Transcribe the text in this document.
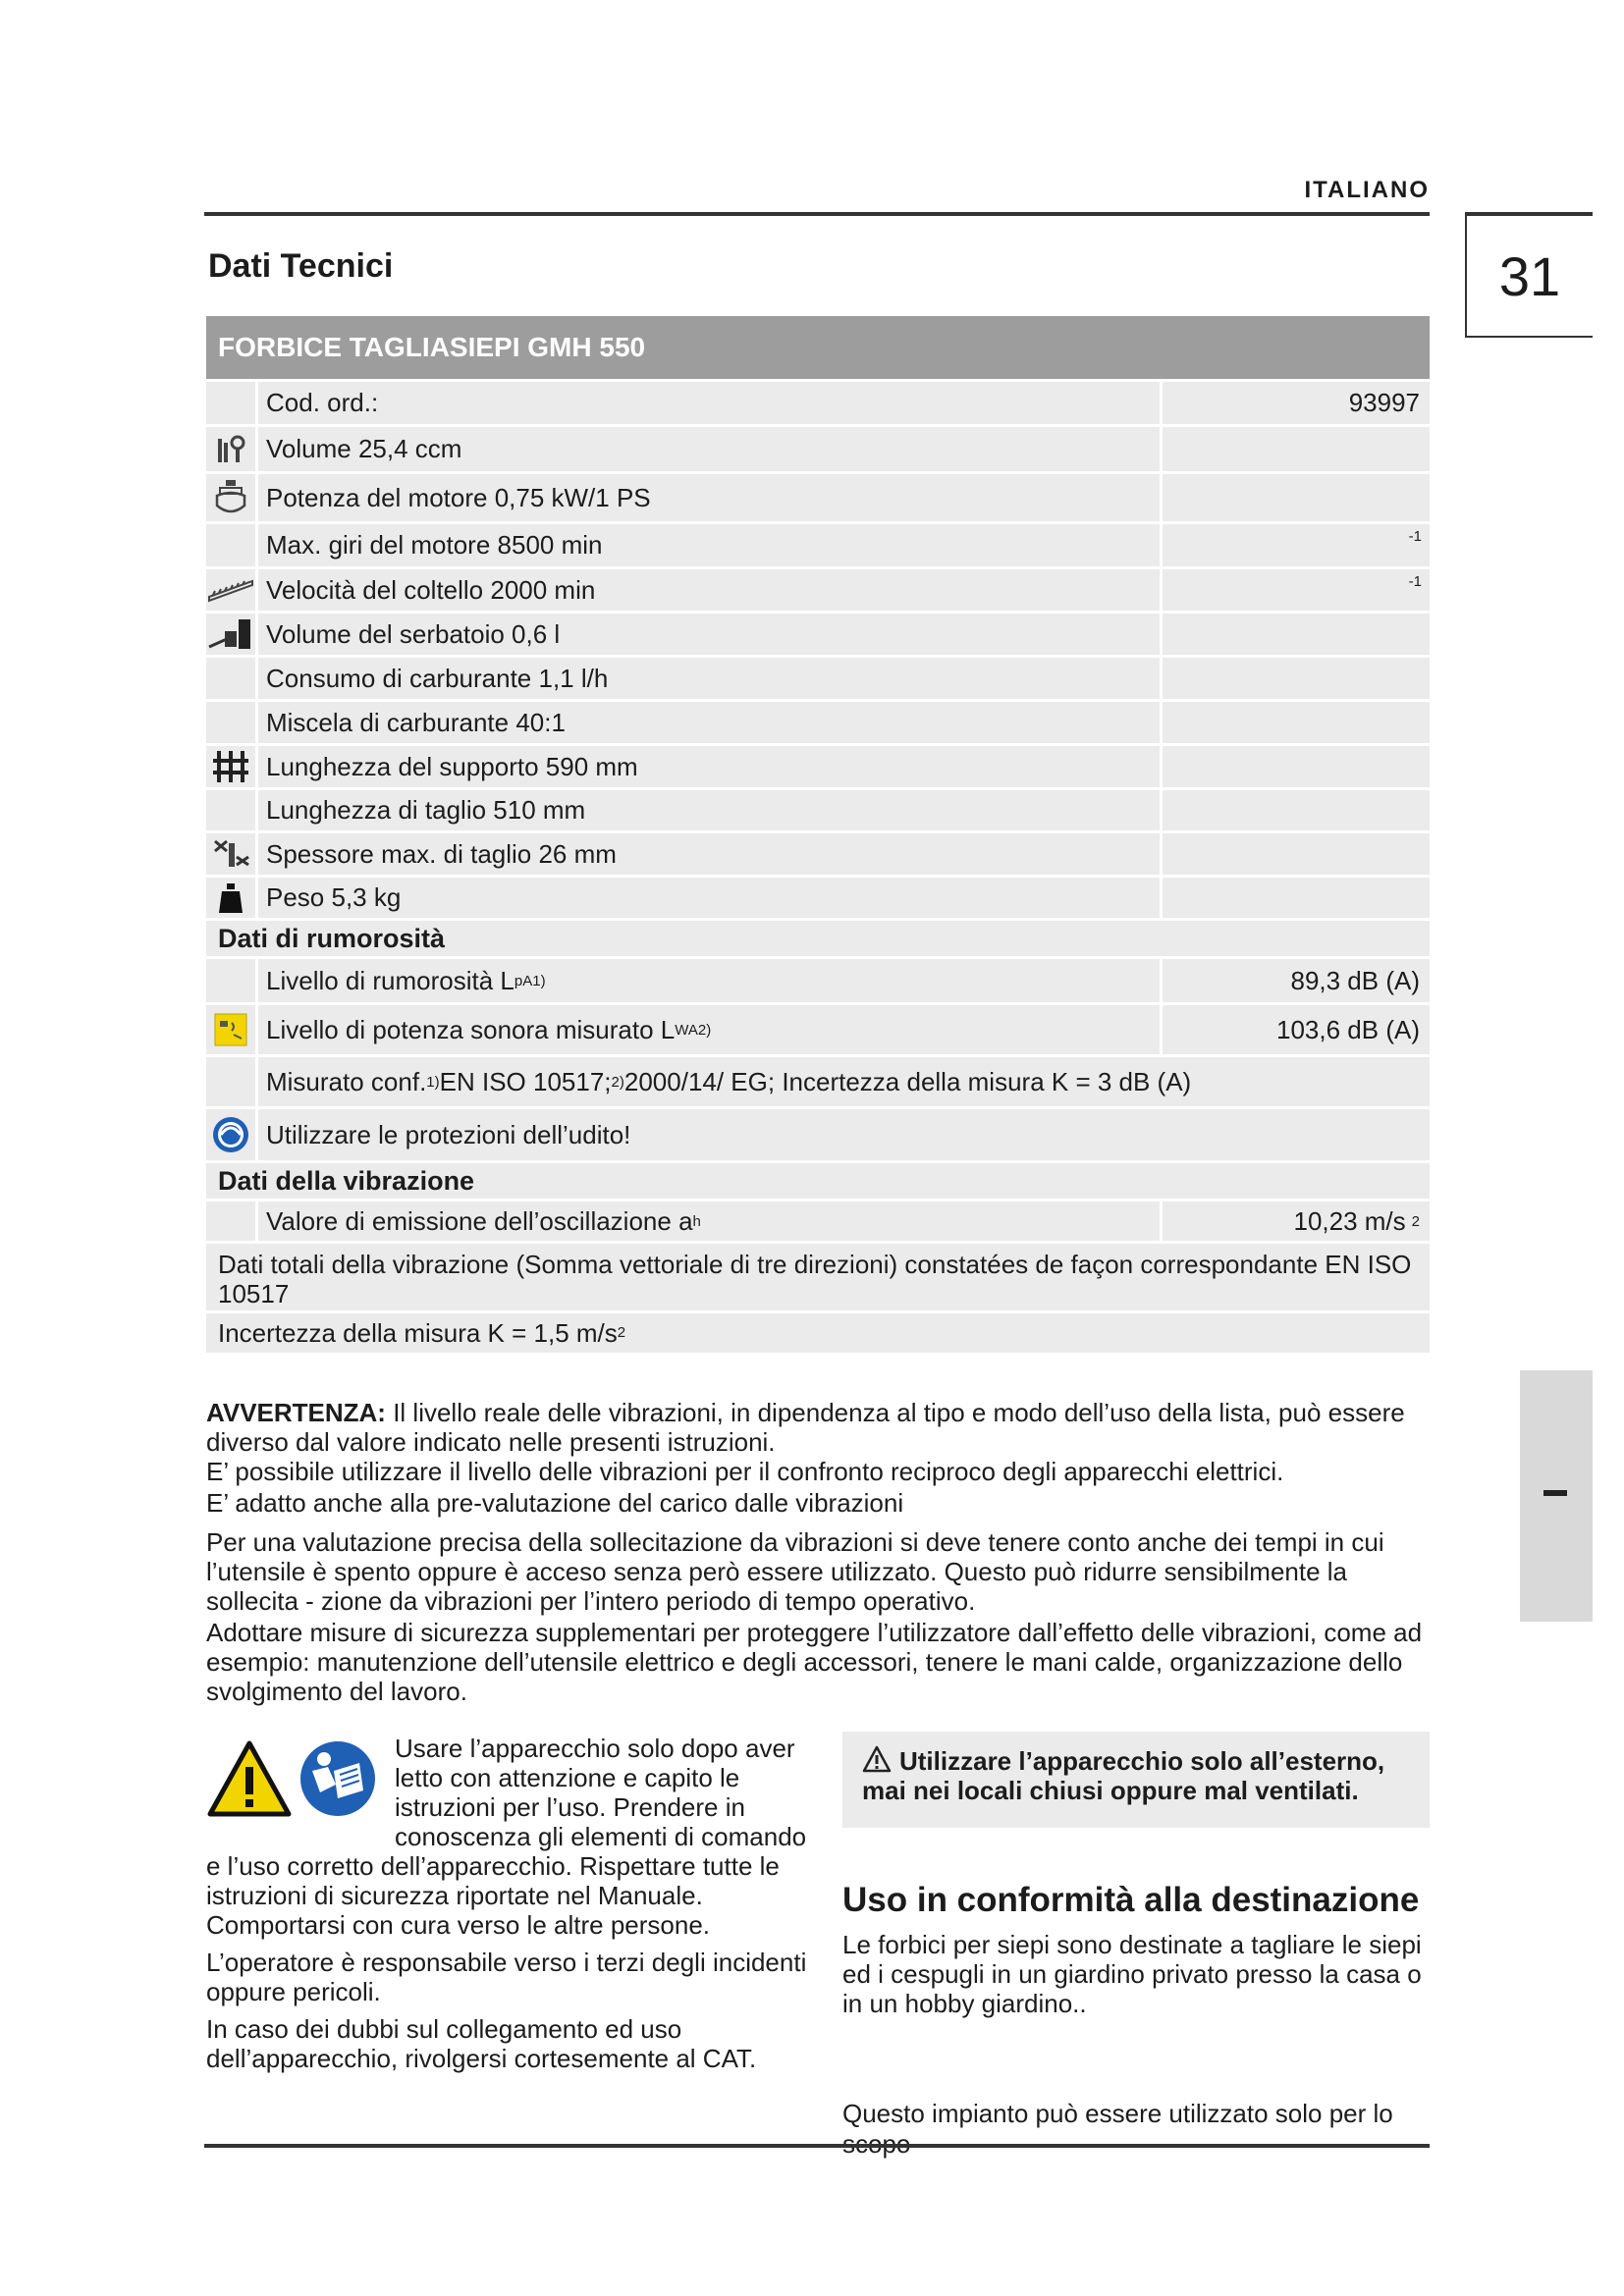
ITALIANO
31
Dati Tecnici
FORBICE TAGLIASIEPI GMH 550
Cod. ord.:	93997
Volume 25,4 ccm
Potenza del motore 0,75 kW/1 PS
Max. giri del motore 8500 min	-1
Velocità del coltello 2000 min	-1
Volume del serbatoio 0,6 l
Consumo di carburante 1,1 l/h
Miscela di carburante 40:1
Lunghezza del supporto 590 mm
Lunghezza di taglio 510 mm
Spessore max. di taglio 26 mm
Peso 5,3 kg
Dati di rumorosità
Livello di rumorosità L pA 1)	89,3 dB (A)
Livello di potenza sonora misurato L WA 2)	103,6 dB (A)
Misurato conf. 1) EN ISO 10517; 2) 2000/14/ EG; Incertezza della misura K = 3 dB (A)
Utilizzare le protezioni dell’udito!
Dati della vibrazione
Valore di emissione dell’oscillazione a h	10,23 m/s 2
Dati totali della vibrazione (Somma vettoriale di tre direzioni) constatées de façon correspondante EN ISO 10517
Incertezza della misura K = 1,5 m/s 2
AVVERTENZA: Il livello reale delle vibrazioni, in dipendenza al tipo e modo dell’uso della lista, può essere diverso dal valore indicato nelle presenti istruzioni.
E’ possibile utilizzare il livello delle vibrazioni per il confronto reciproco degli apparecchi elettrici.
E’ adatto anche alla pre-valutazione del carico dalle vibrazioni
Per una valutazione precisa della sollecitazione da vibrazioni si deve tenere conto anche dei tempi in cui l’utensile è spento oppure è acceso senza però essere utilizzato. Questo può ridurre sensibilmente la sollecita - zione da vibrazioni per l’intero periodo di tempo operativo.
Adottare misure di sicurezza supplementari per proteggere l’utilizzatore dall’effetto delle vibrazioni, come ad esempio: manutenzione dell’utensile elettrico e degli accessori, tenere le mani calde, organizzazione dello svolgimento del lavoro.
Usare l’apparecchio solo dopo aver letto con attenzione e capito le istruzioni per l’uso. Prendere in conoscenza gli elementi di comando e l’uso corretto dell’apparecchio. Rispettare tutte le istruzioni di sicurezza riportate nel Manuale. Comportarsi con cura verso le altre persone.
L’operatore è responsabile verso i terzi degli incidenti oppure pericoli.
In caso dei dubbi sul collegamento ed uso dell’apparecchio, rivolgersi cortesemente al CAT.
Utilizzare l’apparecchio solo all’esterno, mai nei locali chiusi oppure mal ventilati.
Uso in conformità alla destinazione
Le forbici per siepi sono destinate a tagliare le siepi ed i cespugli in un giardino privato presso la casa o in un hobby giardino..
Questo impianto può essere utilizzato solo per lo
